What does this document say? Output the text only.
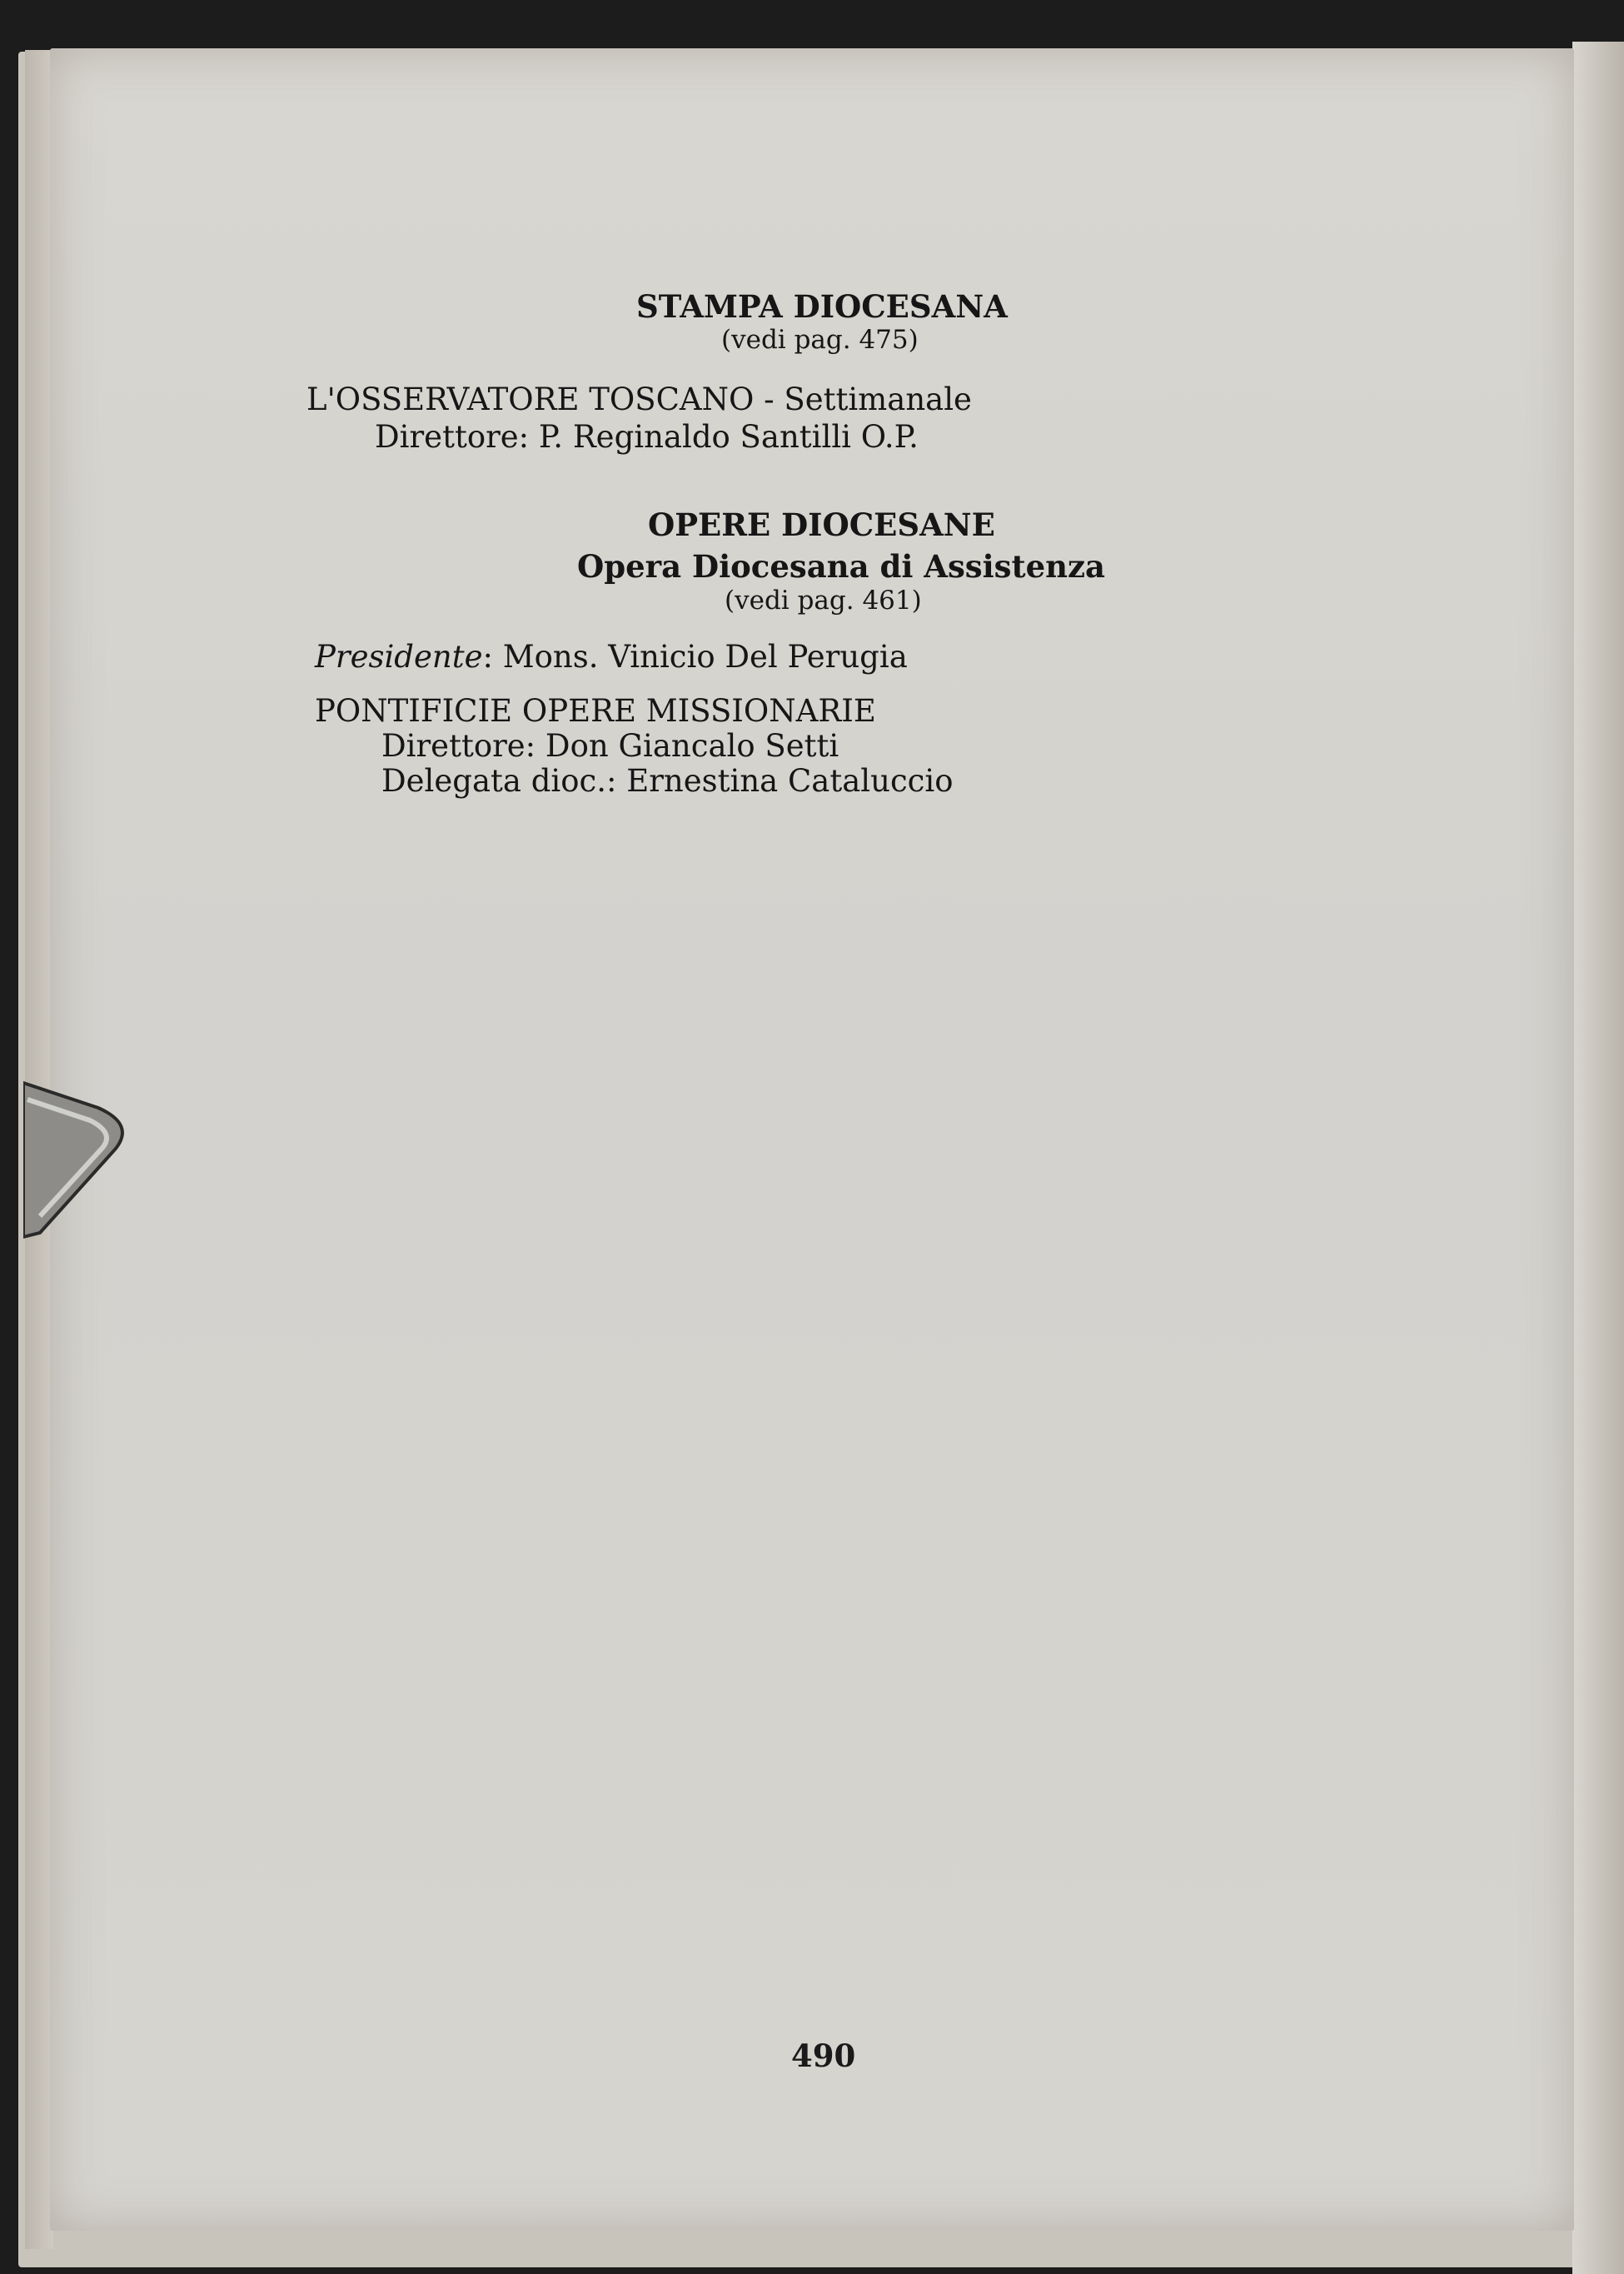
STAMPA DIOCESANA
(vedi pag. 475)
L'OSSERVATORE TOSCANO - Settimanale
Direttore: P. Reginaldo Santilli O.P.
OPERE DIOCESANE
Opera Diocesana di Assistenza
(vedi pag. 461)
Presidente: Mons. Vinicio Del Perugia
PONTIFICIE OPERE MISSIONARIE
Direttore: Don Giancalo Setti
Delegata dioc.: Ernestina Cataluccio
490
